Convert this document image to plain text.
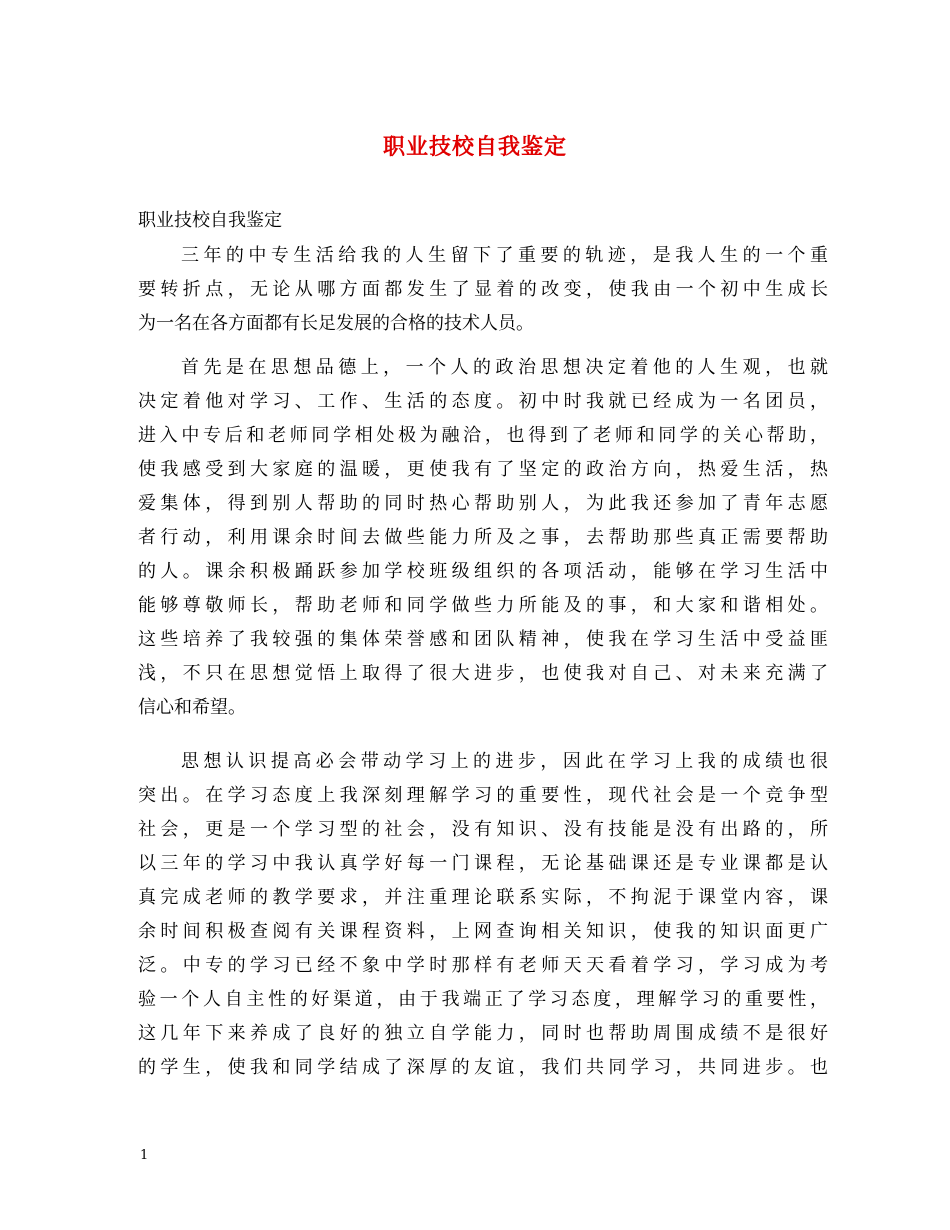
职业技校自我鉴定
职业技校自我鉴定
三年的中专生活给我的人生留下了重要的轨迹，是我人生的一个重
要转折点，无论从哪方面都发生了显着的改变，使我由一个初中生成长
为一名在各方面都有长足发展的合格的技术人员。
首先是在思想品德上，一个人的政治思想决定着他的人生观，也就
决定着他对学习、工作、生活的态度。初中时我就已经成为一名团员，
进入中专后和老师同学相处极为融洽，也得到了老师和同学的关心帮助，
使我感受到大家庭的温暖，更使我有了坚定的政治方向，热爱生活，热
爱集体，得到别人帮助的同时热心帮助别人，为此我还参加了青年志愿
者行动，利用课余时间去做些能力所及之事，去帮助那些真正需要帮助
的人。课余积极踊跃参加学校班级组织的各项活动，能够在学习生活中
能够尊敬师长，帮助老师和同学做些力所能及的事，和大家和谐相处。
这些培养了我较强的集体荣誉感和团队精神，使我在学习生活中受益匪
浅，不只在思想觉悟上取得了很大进步，也使我对自己、对未来充满了
信心和希望。
思想认识提高必会带动学习上的进步，因此在学习上我的成绩也很
突出。在学习态度上我深刻理解学习的重要性，现代社会是一个竞争型
社会，更是一个学习型的社会，没有知识、没有技能是没有出路的，所
以三年的学习中我认真学好每一门课程，无论基础课还是专业课都是认
真完成老师的教学要求，并注重理论联系实际，不拘泥于课堂内容，课
余时间积极查阅有关课程资料，上网查询相关知识，使我的知识面更广
泛。中专的学习已经不象中学时那样有老师天天看着学习，学习成为考
验一个人自主性的好渠道，由于我端正了学习态度，理解学习的重要性，
这几年下来养成了良好的独立自学能力，同时也帮助周围成绩不是很好
的学生，使我和同学结成了深厚的友谊，我们共同学习，共同进步。也
1
